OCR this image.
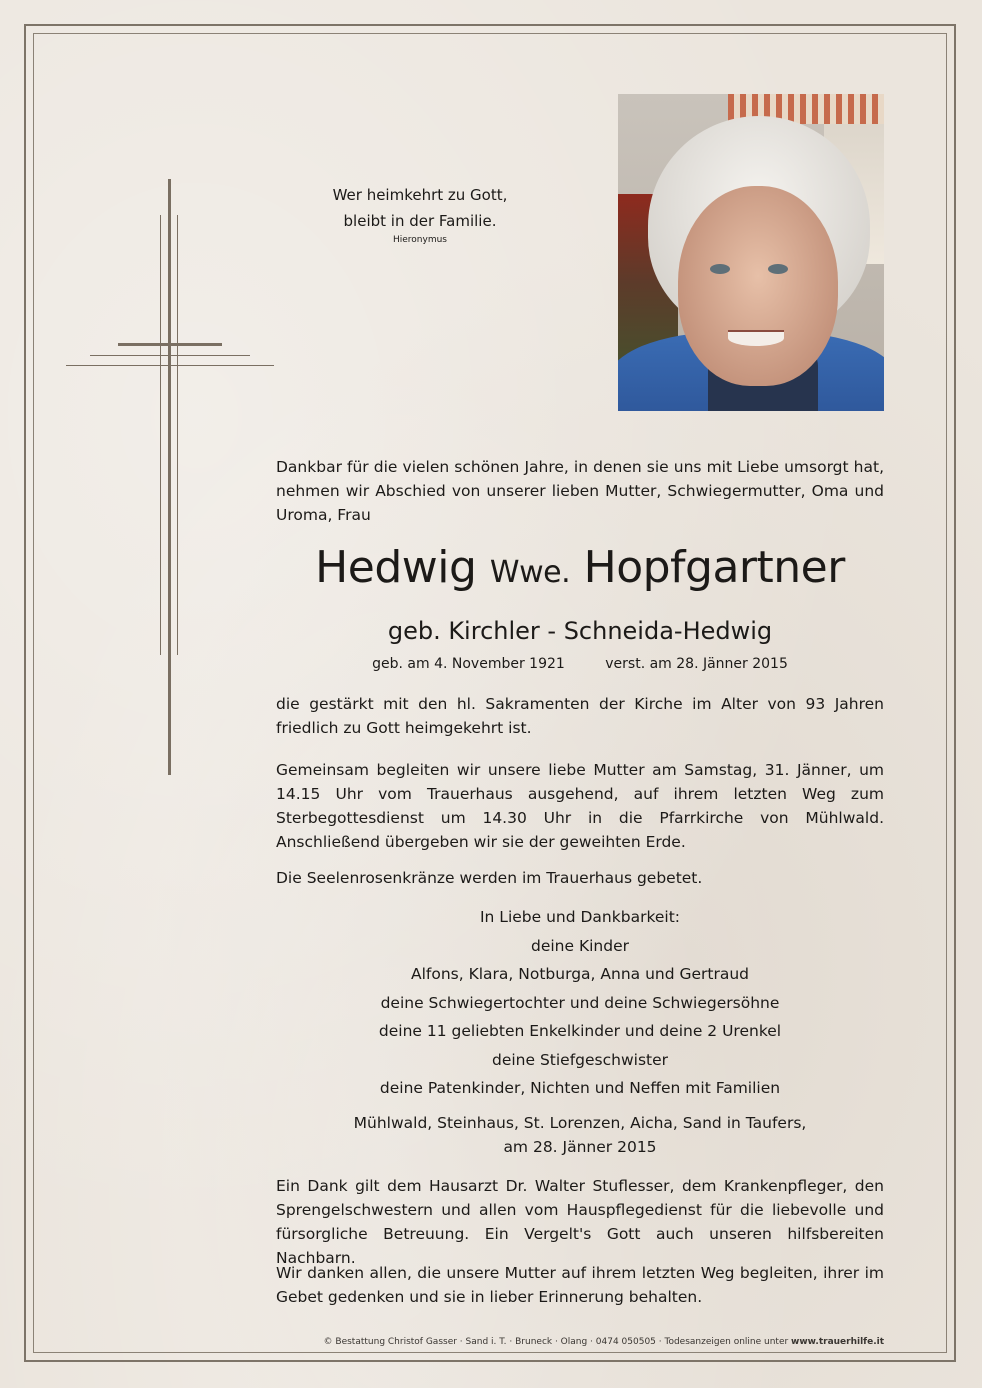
Wer heimkehrt zu Gott,
bleibt in der Familie.
Hieronymus
Dankbar für die vielen schönen Jahre, in denen sie uns mit Liebe umsorgt hat, nehmen wir Abschied von unserer lieben Mutter, Schwiegermutter, Oma und Uroma, Frau
Hedwig Wwe. Hopfgartner
geb. Kirchler - Schneida-Hedwig
geb. am 4. November 1921	verst. am 28. Jänner 2015
die gestärkt mit den hl. Sakramenten der Kirche im Alter von 93 Jahren friedlich zu Gott heimgekehrt ist.
Gemeinsam begleiten wir unsere liebe Mutter am Samstag, 31. Jänner, um 14.15 Uhr vom Trauerhaus ausgehend, auf ihrem letzten Weg zum Sterbegottesdienst um 14.30 Uhr in die Pfarrkirche von Mühlwald. Anschließend übergeben wir sie der geweihten Erde.
Die Seelenrosenkränze werden im Trauerhaus gebetet.
In Liebe und Dankbarkeit:
deine Kinder
Alfons, Klara, Notburga, Anna und Gertraud
deine Schwiegertochter und deine Schwiegersöhne
deine 11 geliebten Enkelkinder und deine 2 Urenkel
deine Stiefgeschwister
deine Patenkinder, Nichten und Neffen mit Familien
Mühlwald, Steinhaus, St. Lorenzen, Aicha, Sand in Taufers,
am 28. Jänner 2015
Ein Dank gilt dem Hausarzt Dr. Walter Stuflesser, dem Krankenpfleger, den Sprengelschwestern und allen vom Hauspflegedienst für die liebevolle und fürsorgliche Betreuung. Ein Vergelt's Gott auch unseren hilfsbereiten Nachbarn.
Wir danken allen, die unsere Mutter auf ihrem letzten Weg begleiten, ihrer im Gebet gedenken und sie in lieber Erinnerung behalten.
© Bestattung Christof Gasser · Sand i. T. · Bruneck · Olang · 0474 050505 · Todesanzeigen online unter www.trauerhilfe.it
